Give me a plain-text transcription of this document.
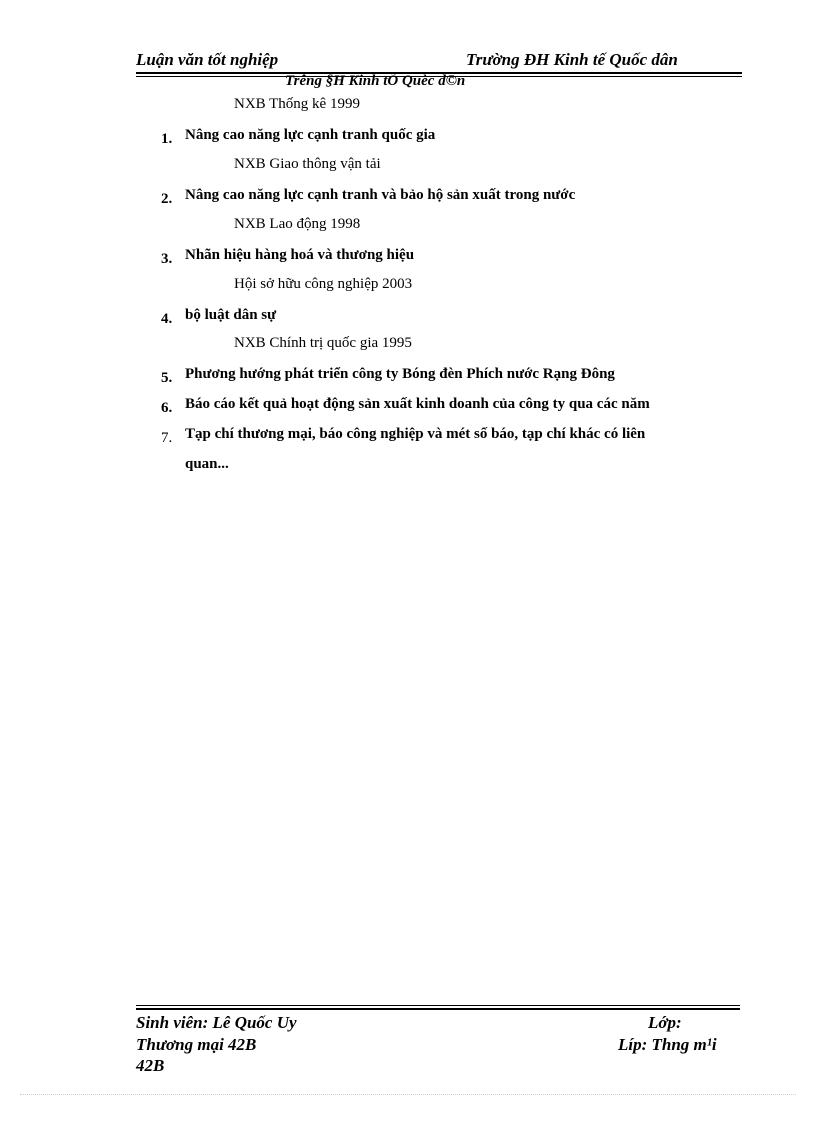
Luận văn tốt nghiệp	Trường ĐH Kinh tế Quốc dân
Trêng §H Kinh tÕ Quèc d©n
NXB Thống kê 1999
1. Nâng cao năng lực cạnh tranh quốc gia
NXB Giao thông vận tải
2. Nâng cao năng lực cạnh tranh và bảo hộ sản xuất trong nước
NXB Lao động 1998
3. Nhãn hiệu hàng hoá và thương hiệu
Hội sở hữu công nghiệp 2003
4. bộ luật dân sự
NXB Chính trị quốc gia 1995
5. Phương hướng phát triển công ty Bóng đèn Phích nước Rạng Đông
6. Báo cáo kết quả hoạt động sản xuất kinh doanh của công ty qua các năm
7. Tạp chí thương mại, báo công nghiệp và mét số báo, tạp chí khác có liên
quan...
Sinh viên: Lê Quốc Uy	Lớp:
Thương mại 42B	Líp: Thng m¹i
42B
